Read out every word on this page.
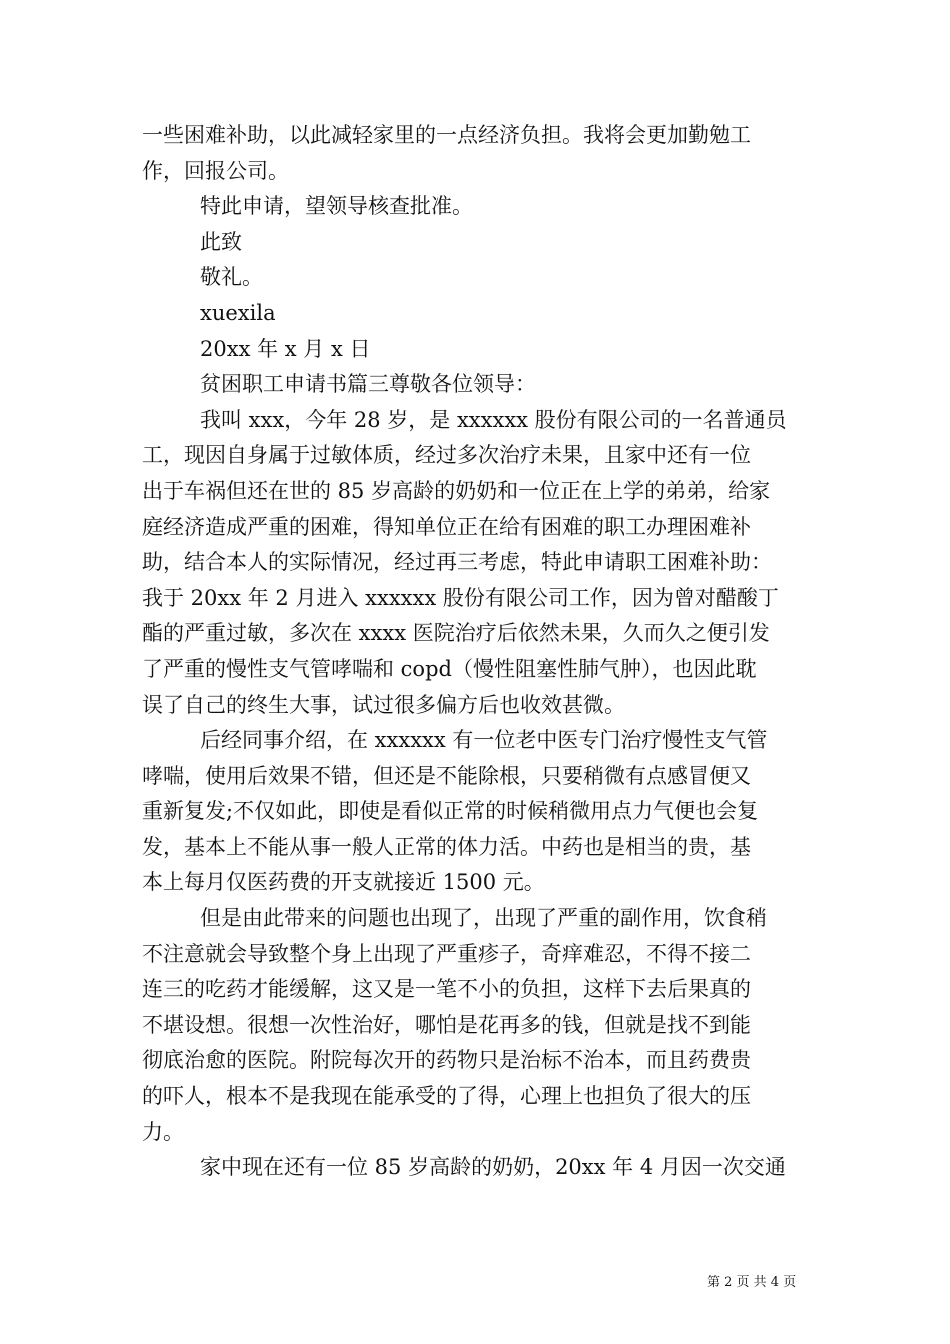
一些困难补助，以此减轻家里的一点经济负担。我将会更加勤勉工
作，回报公司。
特此申请，望领导核查批准。
此致
敬礼。
xuexila
20xx 年 x 月 x 日
贫困职工申请书篇三尊敬各位领导：
我叫 xxx，今年 28 岁，是 xxxxxx 股份有限公司的一名普通员
工，现因自身属于过敏体质，经过多次治疗未果，且家中还有一位
出于车祸但还在世的 85 岁高龄的奶奶和一位正在上学的弟弟，给家
庭经济造成严重的困难，得知单位正在给有困难的职工办理困难补
助，结合本人的实际情况，经过再三考虑，特此申请职工困难补助：
我于 20xx 年 2 月进入 xxxxxx 股份有限公司工作，因为曾对醋酸丁
酯的严重过敏，多次在 xxxx 医院治疗后依然未果，久而久之便引发
了严重的慢性支气管哮喘和 copd（慢性阻塞性肺气肿），也因此耽
误了自己的终生大事，试过很多偏方后也收效甚微。
后经同事介绍，在 xxxxxx 有一位老中医专门治疗慢性支气管
哮喘，使用后效果不错，但还是不能除根，只要稍微有点感冒便又
重新复发;不仅如此，即使是看似正常的时候稍微用点力气便也会复
发，基本上不能从事一般人正常的体力活。中药也是相当的贵，基
本上每月仅医药费的开支就接近 1500 元。
但是由此带来的问题也出现了，出现了严重的副作用，饮食稍
不注意就会导致整个身上出现了严重疹子，奇痒难忍，不得不接二
连三的吃药才能缓解，这又是一笔不小的负担，这样下去后果真的
不堪设想。很想一次性治好，哪怕是花再多的钱，但就是找不到能
彻底治愈的医院。附院每次开的药物只是治标不治本，而且药费贵
的吓人，根本不是我现在能承受的了得，心理上也担负了很大的压
力。
家中现在还有一位 85 岁高龄的奶奶，20xx 年 4 月因一次交通
第 2 页 共 4 页
